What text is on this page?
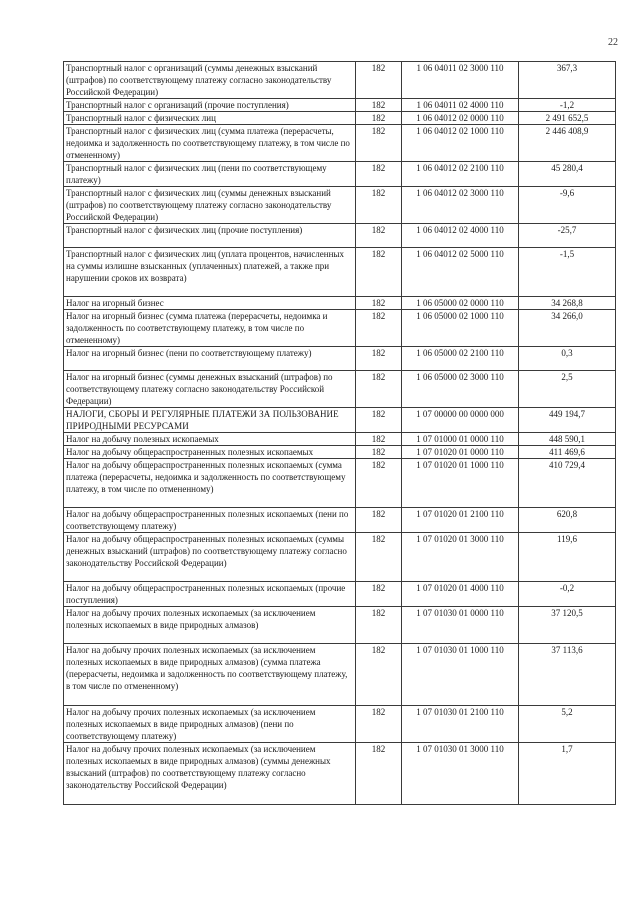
22
Транспортный налог с организаций (суммы денежных взысканий (штрафов) по соответствующему платежу согласно законодательству Российской Федерации)	182	1 06 04011 02 3000 110	367,3
Транспортный налог с организаций (прочие поступления)	182	1 06 04011 02 4000 110	-1,2
Транспортный налог с физических лиц	182	1 06 04012 02 0000 110	2 491 652,5
Транспортный налог с физических лиц (сумма платежа (перерасчеты, недоимка и задолженность по соответствующему платежу, в том числе по отмененному)	182	1 06 04012 02 1000 110	2 446 408,9
Транспортный налог с физических лиц (пени по соответствующему платежу)	182	1 06 04012 02 2100 110	45 280,4
Транспортный налог с физических лиц (суммы денежных взысканий (штрафов) по соответствующему платежу согласно законодательству Российской Федерации)	182	1 06 04012 02 3000 110	-9,6
Транспортный налог с физических лиц (прочие поступления)	182	1 06 04012 02 4000 110	-25,7
Транспортный налог с физических лиц (уплата процентов, начисленных на суммы излишне взысканных (уплаченных) платежей, а также при нарушении сроков их возврата)	182	1 06 04012 02 5000 110	-1,5
Налог на игорный бизнес	182	1 06 05000 02 0000 110	34 268,8
Налог на игорный бизнес (сумма платежа (перерасчеты, недоимка и задолженность по соответствующему платежу, в том числе по отмененному)	182	1 06 05000 02 1000 110	34 266,0
Налог на игорный бизнес (пени по соответствующему платежу)	182	1 06 05000 02 2100 110	0,3
Налог на игорный бизнес (суммы денежных взысканий (штрафов) по соответствующему платежу согласно законодательству Российской Федерации)	182	1 06 05000 02 3000 110	2,5
НАЛОГИ, СБОРЫ И РЕГУЛЯРНЫЕ ПЛАТЕЖИ ЗА ПОЛЬЗОВАНИЕ ПРИРОДНЫМИ РЕСУРСАМИ	182	1 07 00000 00 0000 000	449 194,7
Налог на добычу полезных ископаемых	182	1 07 01000 01 0000 110	448 590,1
Налог на добычу общераспространенных полезных ископаемых	182	1 07 01020 01 0000 110	411 469,6
Налог на добычу общераспространенных полезных ископаемых (сумма платежа (перерасчеты, недоимка и задолженность по соответствующему платежу, в том числе по отмененному)	182	1 07 01020 01 1000 110	410 729,4
Налог на добычу общераспространенных полезных ископаемых (пени по соответствующему платежу)	182	1 07 01020 01 2100 110	620,8
Налог на добычу общераспространенных полезных ископаемых (суммы денежных взысканий (штрафов) по соответствующему платежу согласно законодательству Российской Федерации)	182	1 07 01020 01 3000 110	119,6
Налог на добычу общераспространенных полезных ископаемых (прочие поступления)	182	1 07 01020 01 4000 110	-0,2
Налог на добычу прочих полезных ископаемых (за исключением полезных ископаемых в виде природных алмазов)	182	1 07 01030 01 0000 110	37 120,5
Налог на добычу прочих полезных ископаемых (за исключением полезных ископаемых в виде природных алмазов) (сумма платежа (перерасчеты, недоимка и задолженность по соответствующему платежу, в том числе по отмененному)	182	1 07 01030 01 1000 110	37 113,6
Налог на добычу прочих полезных ископаемых (за исключением полезных ископаемых в виде природных алмазов) (пени по соответствующему платежу)	182	1 07 01030 01 2100 110	5,2
Налог на добычу прочих полезных ископаемых (за исключением полезных ископаемых в виде природных алмазов) (суммы денежных взысканий (штрафов) по соответствующему платежу согласно законодательству Российской Федерации)	182	1 07 01030 01 3000 110	1,7
